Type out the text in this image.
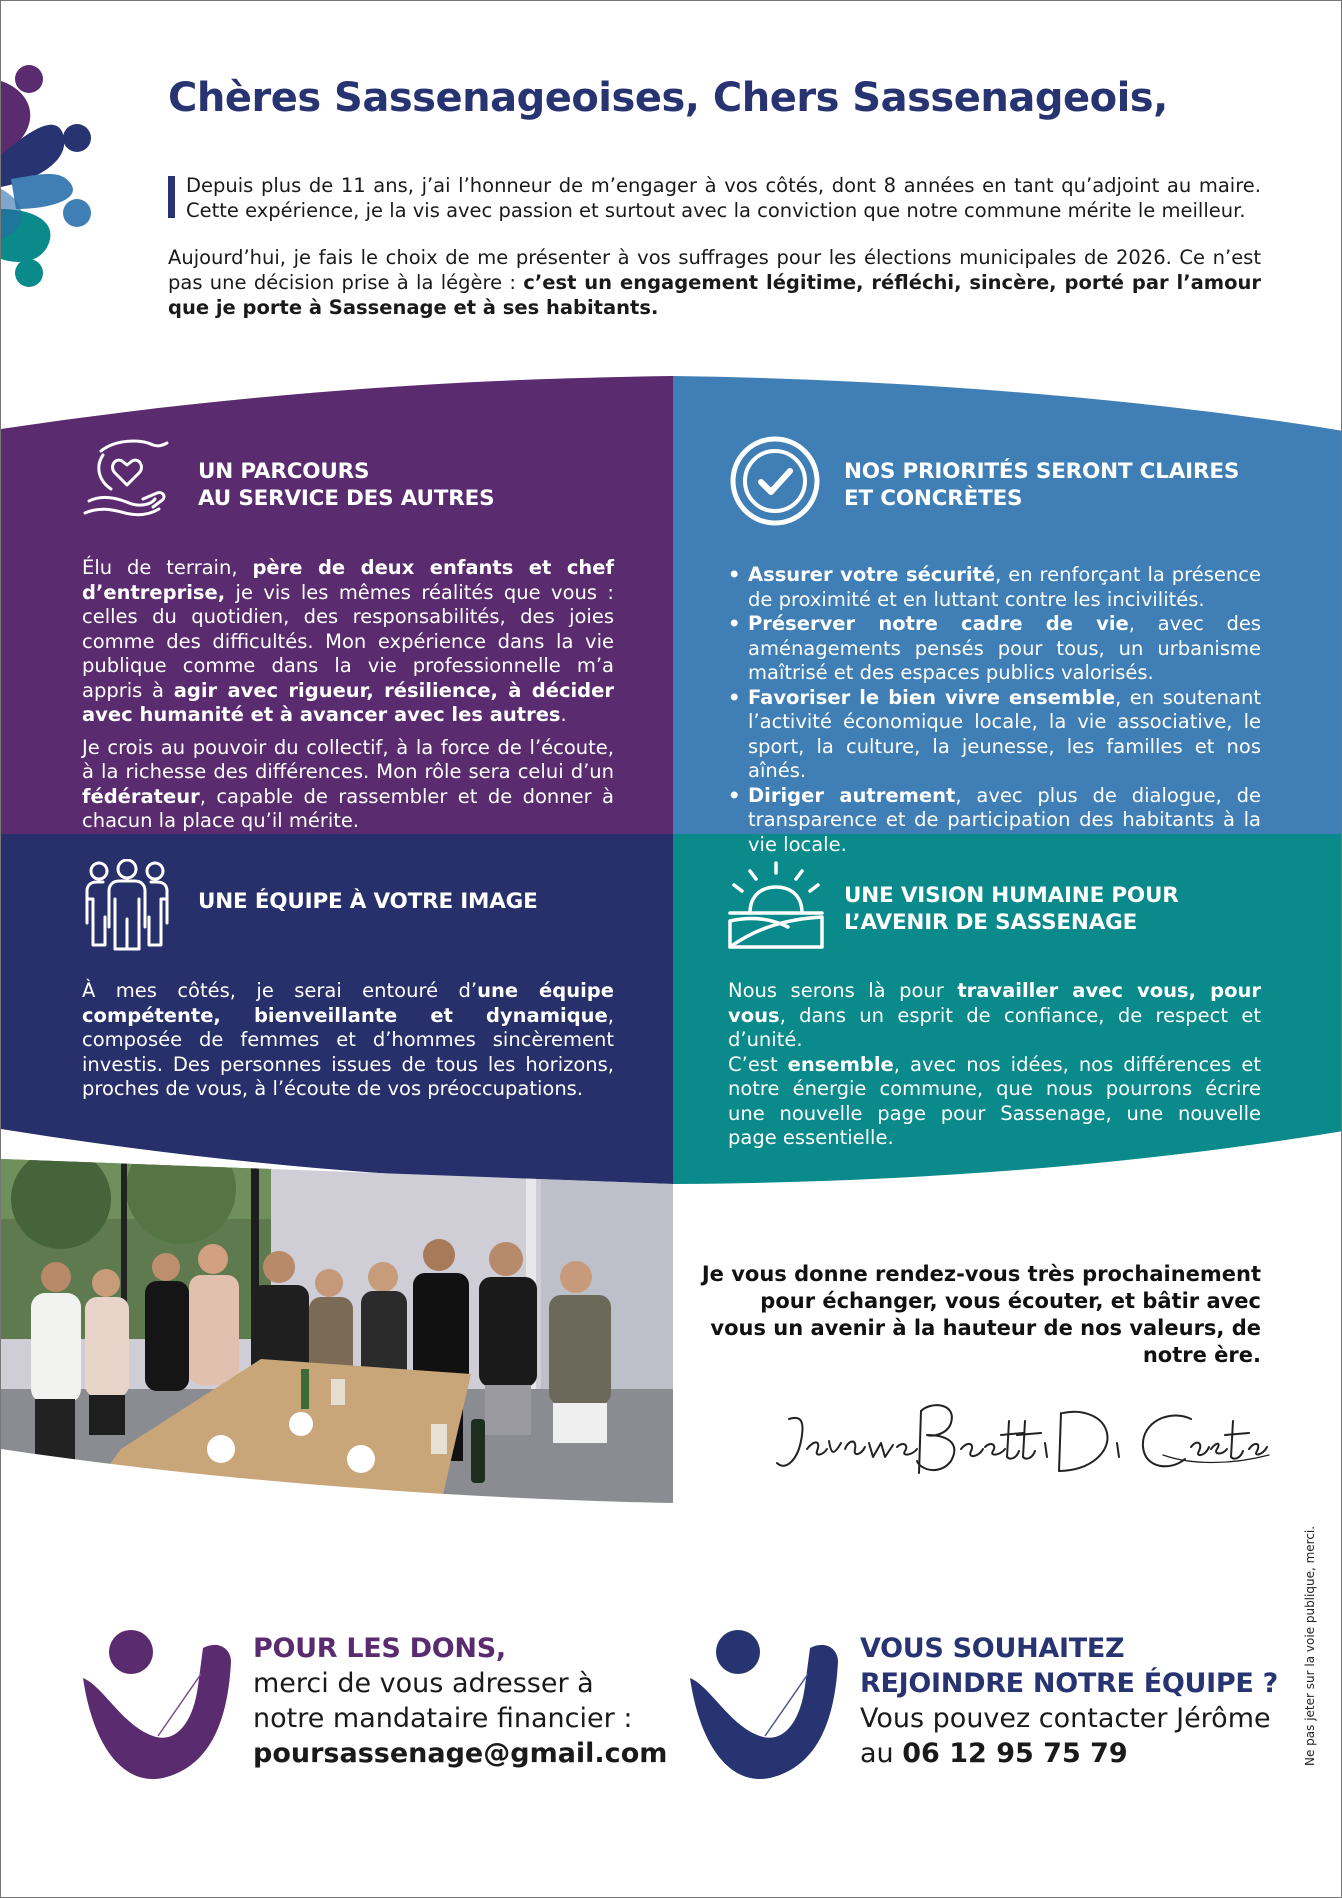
Chères Sassenageoises, Chers Sassenageois,
Depuis plus de 11 ans, j’ai l’honneur de m’engager à vos côtés, dont 8 années en tant qu’adjoint au maire. Cette expérience, je la vis avec passion et surtout avec la conviction que notre commune mérite le meilleur.
Aujourd’hui, je fais le choix de me présenter à vos suffrages pour les élections municipales de 2026. Ce n’est pas une décision prise à la légère : c’est un engagement légitime, réfléchi, sincère, porté par l’amour que je porte à Sassenage et à ses habitants.
UN PARCOURS
AU SERVICE DES AUTRES

Élu de terrain, père de deux enfants et chef d’entreprise, je vis les mêmes réalités que vous : celles du quotidien, des responsabilités, des joies comme des difficultés. Mon expérience dans la vie publique comme dans la vie professionnelle m’a appris à agir avec rigueur, résilience, à décider avec humanité et à avancer avec les autres.

Je crois au pouvoir du collectif, à la force de l’écoute, à la richesse des différences. Mon rôle sera celui d’un fédérateur, capable de rassembler et de donner à chacun la place qu’il mérite.

NOS PRIORITÉS SERONT CLAIRES
ET CONCRÈTES
• Assurer votre sécurité, en renforçant la présence de proximité et en luttant contre les incivilités.
• Préserver notre cadre de vie, avec des aménagements pensés pour tous, un urbanisme maîtrisé et des espaces publics valorisés.
• Favoriser le bien vivre ensemble, en soutenant l’activité économique locale, la vie associative, le sport, la culture, la jeunesse, les familles et nos aînés.
• Diriger autrement, avec plus de dialogue, de transparence et de participation des habitants à la vie locale.
UNE ÉQUIPE À VOTRE IMAGE

À mes côtés, je serai entouré d’une équipe compétente, bienveillante et dynamique, composée de femmes et d’hommes sincèrement investis. Des personnes issues de tous les horizons, proches de vous, à l’écoute de vos préoccupations.

UNE VISION HUMAINE POUR
L’AVENIR DE SASSENAGE

Nous serons là pour travailler avec vous, pour vous, dans un esprit de confiance, de respect et d’unité.
C’est ensemble, avec nos idées, nos différences et notre énergie commune, que nous pourrons écrire une nouvelle page pour Sassenage, une nouvelle page essentielle.

Je vous donne rendez-vous très prochainement pour échanger, vous écouter, et bâtir avec vous un avenir à la hauteur de nos valeurs, de notre ère.
POUR LES DONS,
merci de vous adresser à
notre mandataire financier :
poursassenage@gmail.com
VOUS SOUHAITEZ
REJOINDRE NOTRE ÉQUIPE ?
Vous pouvez contacter Jérôme
au 06 12 95 75 79	Ne pas jeter sur la voie publique, merci.
